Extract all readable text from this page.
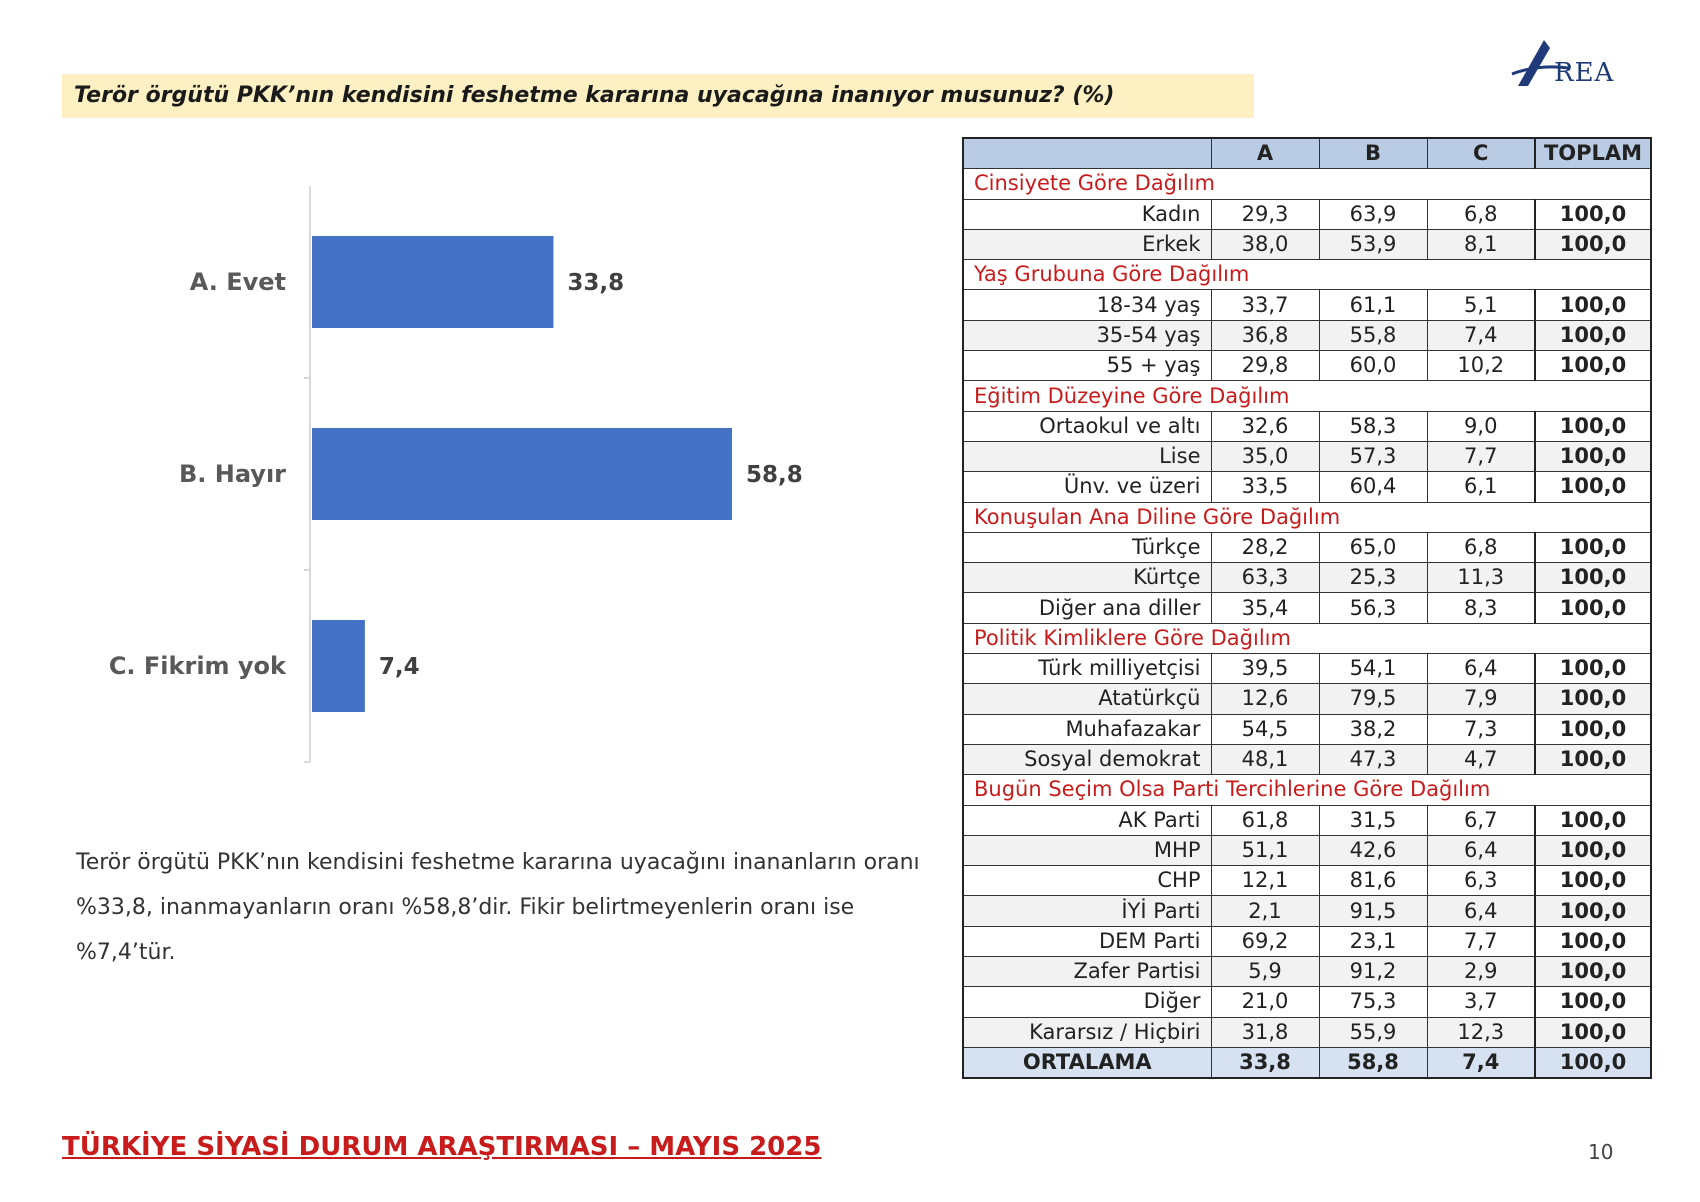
Terör örgütü PKK’nın kendisini feshetme kararına uyacağına inanıyor musunuz? (%)
REA
A. Evet	33,8
B. Hayır	58,8
C. Fikrim yok	7,4
Terör örgütü PKK’nın kendisini feshetme kararına uyacağını inananların oranı %33,8, inanmayanların oranı %58,8’dir. Fikir belirtmeyenlerin oranı ise %7,4’tür.
	A	B	C	TOPLAM
Cinsiyete Göre Dağılım				
Kadın	29,3	63,9	6,8	100,0
Erkek	38,0	53,9	8,1	100,0
Yaş Grubuna Göre Dağılım				
18-34 yaş	33,7	61,1	5,1	100,0
35-54 yaş	36,8	55,8	7,4	100,0
55 + yaş	29,8	60,0	10,2	100,0
Eğitim Düzeyine Göre Dağılım				
Ortaokul ve altı	32,6	58,3	9,0	100,0
Lise	35,0	57,3	7,7	100,0
Ünv. ve üzeri	33,5	60,4	6,1	100,0
Konuşulan Ana Diline Göre Dağılım				
Türkçe	28,2	65,0	6,8	100,0
Kürtçe	63,3	25,3	11,3	100,0
Diğer ana diller	35,4	56,3	8,3	100,0
Politik Kimliklere Göre Dağılım				
Türk milliyetçisi	39,5	54,1	6,4	100,0
Atatürkçü	12,6	79,5	7,9	100,0
Muhafazakar	54,5	38,2	7,3	100,0
Sosyal demokrat	48,1	47,3	4,7	100,0
Bugün Seçim Olsa Parti Tercihlerine Göre Dağılım				
AK Parti	61,8	31,5	6,7	100,0
MHP	51,1	42,6	6,4	100,0
CHP	12,1	81,6	6,3	100,0
İYİ Parti	2,1	91,5	6,4	100,0
DEM Parti	69,2	23,1	7,7	100,0
Zafer Partisi	5,9	91,2	2,9	100,0
Diğer	21,0	75,3	3,7	100,0
Kararsız / Hiçbiri	31,8	55,9	12,3	100,0
ORTALAMA	33,8	58,8	7,4	100,0
TÜRKİYE SİYASİ DURUM ARAŞTIRMASI – MAYIS 2025	10
